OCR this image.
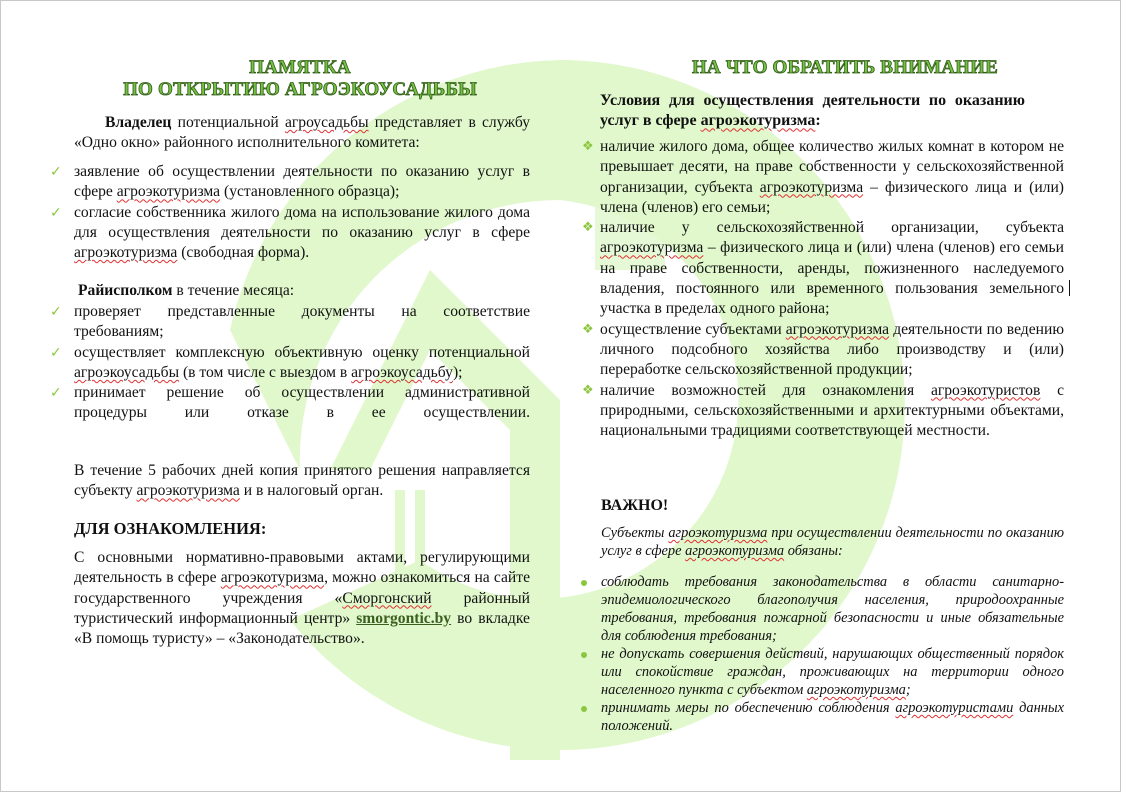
ПАМЯТКА
ПО ОТКРЫТИЮ АГРОЭКОУСАДЬБЫ
Владелец потенциальной агроусадьбы представляет в службу «Одно окно» районного исполнительного комитета:
✓ заявление об осуществлении деятельности по оказанию услуг в сфере агроэкотуризма (установленного образца);
✓ согласие собственника жилого дома на использование жилого дома для осуществления деятельности по оказанию услуг в сфере агроэкотуризма (свободная форма).
Райисполком в течение месяца:
✓ проверяет представленные документы на соответствие требованиям;
✓ осуществляет комплексную объективную оценку потенциальной агроэкоусадьбы (в том числе с выездом в агроэкоусадьбу);
✓ принимает решение об осуществлении административной процедуры или отказе в ее осуществлении.
В течение 5 рабочих дней копия принятого решения направляется субъекту агроэкотуризма и в налоговый орган.
ДЛЯ ОЗНАКОМЛЕНИЯ:
С основными нормативно-правовыми актами, регулирующими деятельность в сфере агроэкотуризма, можно ознакомиться на сайте государственного учреждения «Сморгонский районный туристический информационный центр» smorgontic.by во вкладке «В помощь туристу» – «Законодательство».
НА ЧТО ОБРАТИТЬ ВНИМАНИЕ
Условия для осуществления деятельности по оказанию услуг в сфере агроэкотуризма:
❖ наличие жилого дома, общее количество жилых комнат в котором не превышает десяти, на праве собственности у сельскохозяйственной организации, субъекта агроэкотуризма – физического лица и (или) члена (членов) его семьи;
❖ наличие у сельскохозяйственной организации, субъекта агроэкотуризма – физического лица и (или) члена (членов) его семьи на праве собственности, аренды, пожизненного наследуемого владения, постоянного или временного пользования земельного участка в пределах одного района;
❖ осуществление субъектами агроэкотуризма деятельности по ведению личного подсобного хозяйства либо производству и (или) переработке сельскохозяйственной продукции;
❖ наличие возможностей для ознакомления агроэкотуристов с природными, сельскохозяйственными и архитектурными объектами, национальными традициями соответствующей местности.
ВАЖНО!
Субъекты агроэкотуризма при осуществлении деятельности по оказанию услуг в сфере агроэкотуризма обязаны:
соблюдать требования законодательства в области санитарно-эпидемиологического благополучия населения, природоохранные требования, требования пожарной безопасности и иные обязательные для соблюдения требования;
не допускать совершения действий, нарушающих общественный порядок или спокойствие граждан, проживающих на территории одного населенного пункта с субъектом агроэкотуризма;
принимать меры по обеспечению соблюдения агроэкотуристами данных положений.
